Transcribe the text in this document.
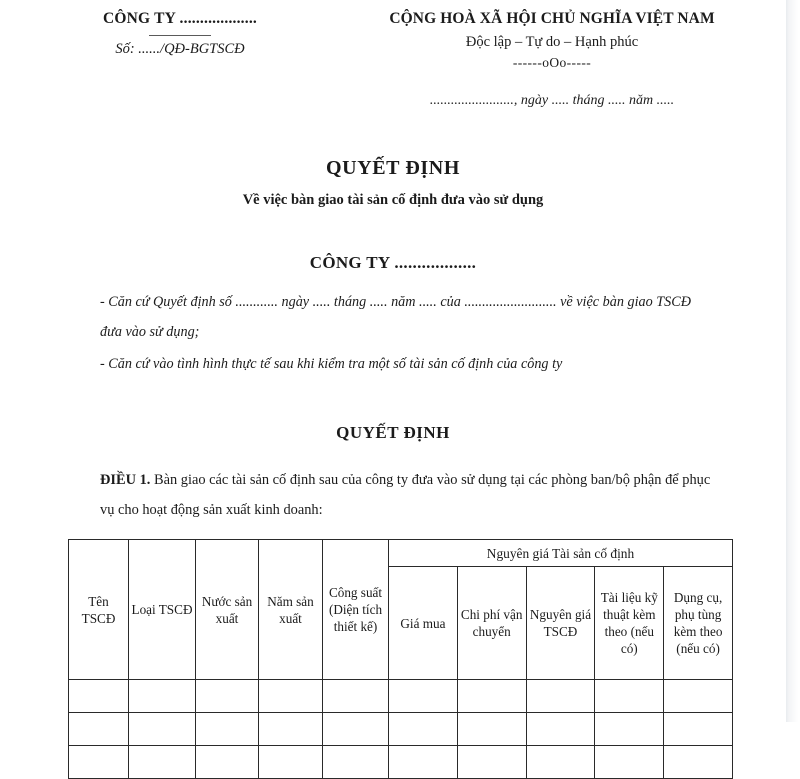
CÔNG TY ...................
Số: ....../QĐ-BGTSCĐ
CỘNG HOÀ XÃ HỘI CHỦ NGHĨA VIỆT NAM
Độc lập – Tự do – Hạnh phúc
------oOo-----
........................, ngày ..... tháng ..... năm .....
QUYẾT ĐỊNH
Về việc bàn giao tài sản cố định đưa vào sử dụng
CÔNG TY ..................
- Căn cứ Quyết định số ............ ngày ..... tháng ..... năm ..... của .......................... về việc bàn giao TSCĐ đưa vào sử dụng;
- Căn cứ vào tình hình thực tế sau khi kiểm tra một số tài sản cố định của công ty
QUYẾT ĐỊNH
ĐIỀU 1. Bàn giao các tài sản cố định sau của công ty đưa vào sử dụng tại các phòng ban/bộ phận để phục vụ cho hoạt động sản xuất kinh doanh:
Tên TSCĐ	Loại TSCĐ	Nước sản xuất	Năm sản xuất	Công suất (Diện tích thiết kế)	Nguyên giá Tài sản cố định				
					Giá mua	Chi phí vận chuyển	Nguyên giá TSCĐ	Tài liệu kỹ thuật kèm theo (nếu có)	Dụng cụ, phụ tùng kèm theo (nếu có)
